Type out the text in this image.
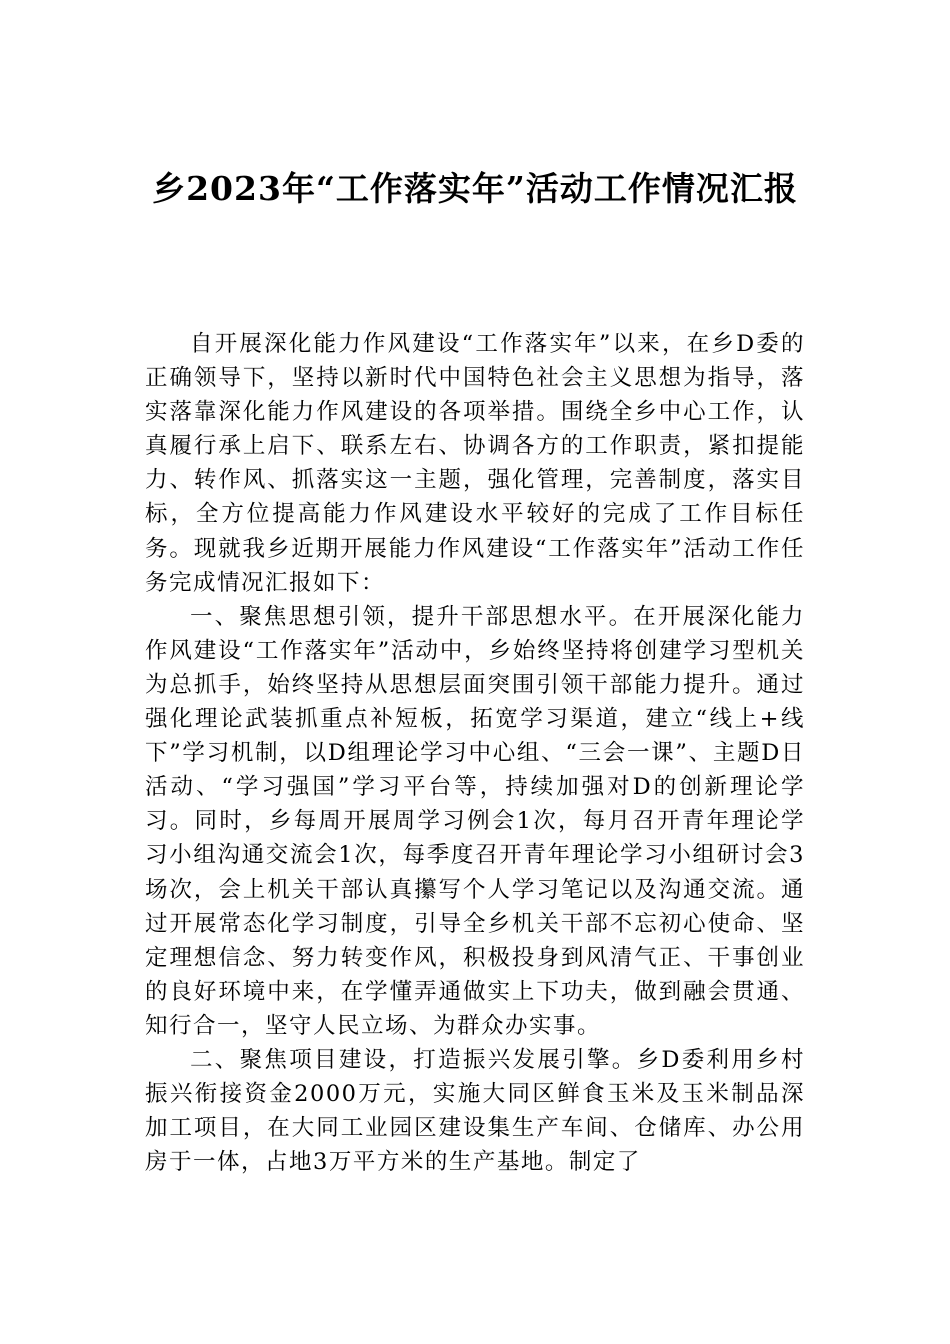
乡2023年“工作落实年”活动工作情况汇报

自开展深化能力作风建设“工作落实年”以来，在乡D委的正确领导下，坚持以新时代中国特色社会主义思想为指导，落实落靠深化能力作风建设的各项举措。围绕全乡中心工作，认真履行承上启下、联系左右、协调各方的工作职责，紧扣提能力、转作风、抓落实这一主题，强化管理，完善制度，落实目标，全方位提高能力作风建设水平较好的完成了工作目标任务。现就我乡近期开展能力作风建设“工作落实年”活动工作任务完成情况汇报如下：

一、聚焦思想引领，提升干部思想水平。在开展深化能力作风建设“工作落实年”活动中，乡始终坚持将创建学习型机关为总抓手，始终坚持从思想层面突围引领干部能力提升。通过强化理论武装抓重点补短板，拓宽学习渠道，建立“线上+线下”学习机制，以D组理论学习中心组、“三会一课”、主题D日活动、“学习强国”学习平台等，持续加强对D的创新理论学习。同时，乡每周开展周学习例会1次，每月召开青年理论学习小组沟通交流会1次，每季度召开青年理论学习小组研讨会3场次，会上机关干部认真攥写个人学习笔记以及沟通交流。通过开展常态化学习制度，引导全乡机关干部不忘初心使命、坚定理想信念、努力转变作风，积极投身到风清气正、干事创业的良好环境中来，在学懂弄通做实上下功夫，做到融会贯通、知行合一，坚守人民立场、为群众办实事。

二、聚焦项目建设，打造振兴发展引擎。乡D委利用乡村振兴衔接资金2000万元，实施大同区鲜食玉米及玉米制品深加工项目，在大同工业园区建设集生产车间、仓储库、办公用房于一体，占地3万平方米的生产基地。制定了
